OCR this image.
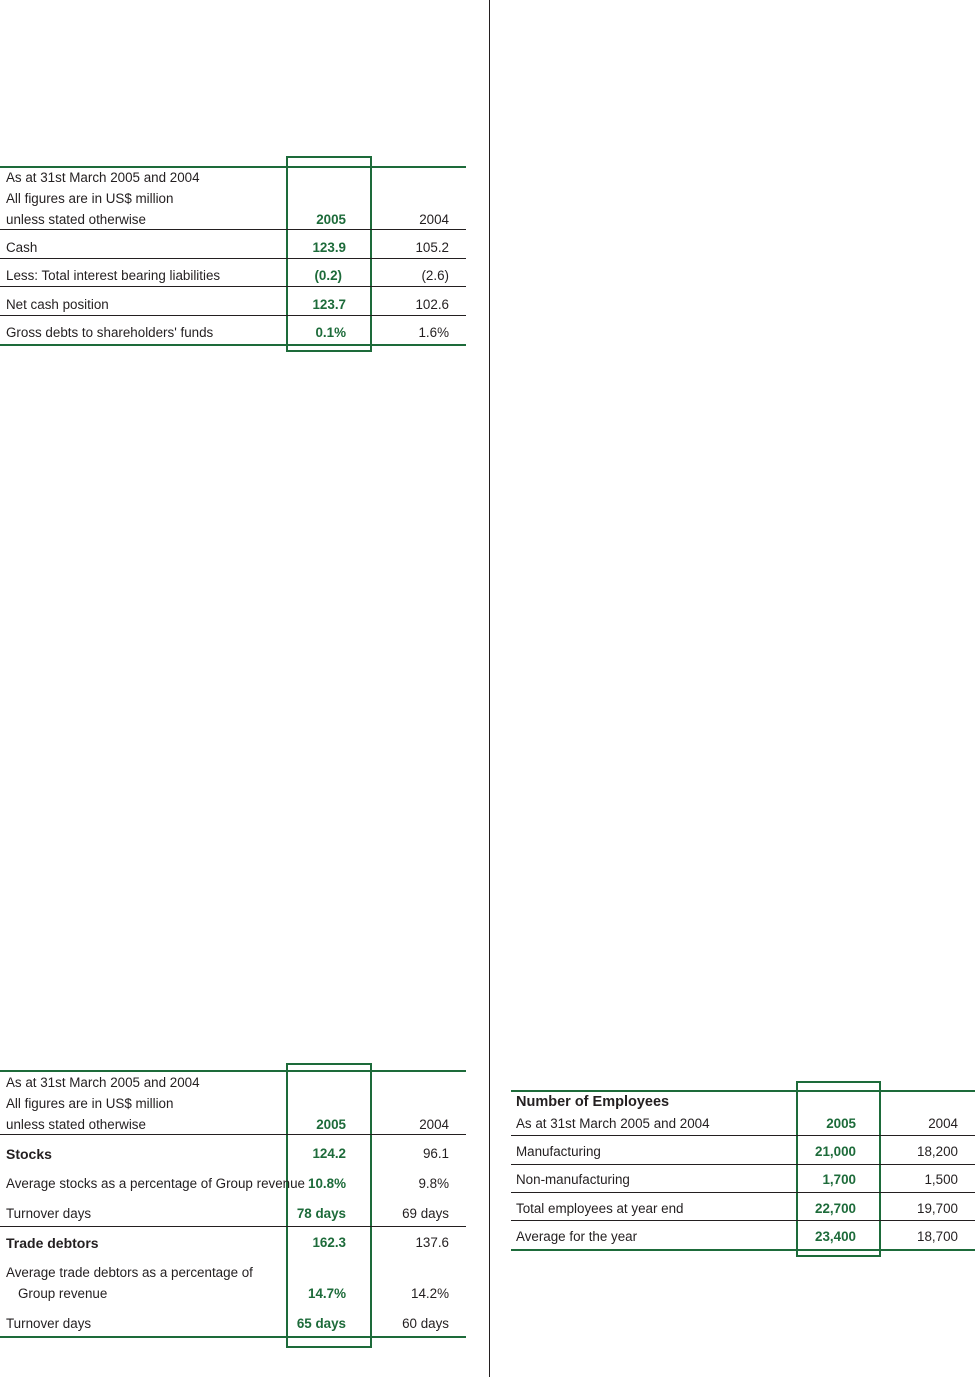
As at 31st March 2005 and 2004
All figures are in US$ million
unless stated otherwise	2005	2004
Cash	123.9	105.2
Less: Total interest bearing liabilities	(0.2)	(2.6)
Net cash position	123.7	102.6
Gross debts to shareholders' funds	0.1%	1.6%
As at 31st March 2005 and 2004
All figures are in US$ million
unless stated otherwise	2005	2004
Stocks	124.2	96.1
Average stocks as a percentage of Group revenue 10.8%	9.8%
Turnover days	78 days	69 days
Trade debtors	162.3	137.6
Average trade debtors as a percentage of
Group revenue	14.7%	14.2%
Turnover days	65 days	60 days
Number of Employees
As at 31st March 2005 and 2004	2005	2004
Manufacturing	21,000	18,200
Non-manufacturing	1,700	1,500
Total employees at year end	22,700	19,700
Average for the year	23,400	18,700
